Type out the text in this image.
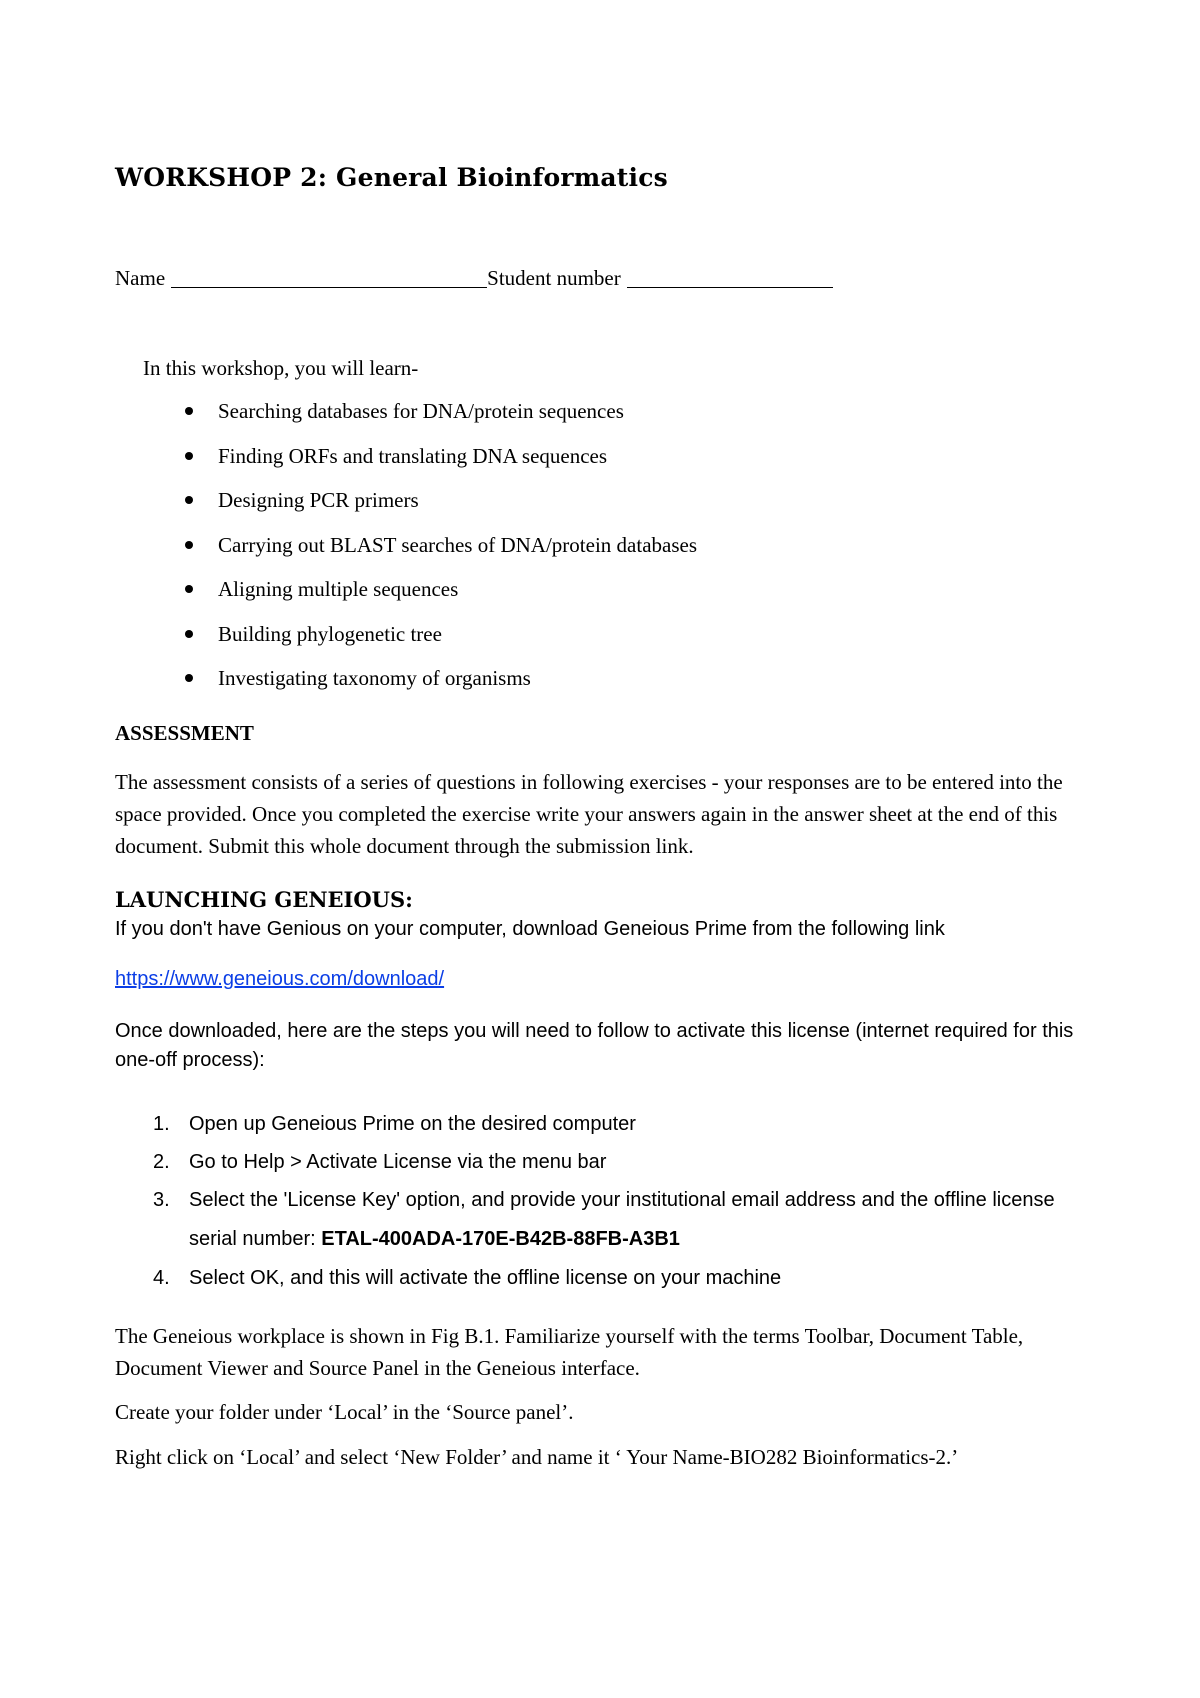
WORKSHOP 2: General Bioinformatics
Name	Student number
In this workshop, you will learn-
Searching databases for DNA/protein sequences
Finding ORFs and translating DNA sequences
Designing PCR primers
Carrying out BLAST searches of DNA/protein databases
Aligning multiple sequences
Building phylogenetic tree
Investigating taxonomy of organisms
ASSESSMENT
The assessment consists of a series of questions in following exercises - your responses are to be entered into the space provided. Once you completed the exercise write your answers again in the answer sheet at the end of this document. Submit this whole document through the submission link.
LAUNCHING GENEIOUS:
If you don't have Genious on your computer, download Geneious Prime from the following link
https://www.geneious.com/download/
Once downloaded, here are the steps you will need to follow to activate this license (internet required for this one-off process):
1. Open up Geneious Prime on the desired computer
2. Go to Help > Activate License via the menu bar
3. Select the 'License Key' option, and provide your institutional email address and the offline license serial number: ETAL-400ADA-170E-B42B-88FB-A3B1
4. Select OK, and this will activate the offline license on your machine
The Geneious workplace is shown in Fig B.1. Familiarize yourself with the terms Toolbar, Document Table, Document Viewer and Source Panel in the Geneious interface.
Create your folder under ‘Local’ in the ‘Source panel’.
Right click on ‘Local’ and select ‘New Folder’ and name it ‘ Your Name-BIO282 Bioinformatics-2.’
